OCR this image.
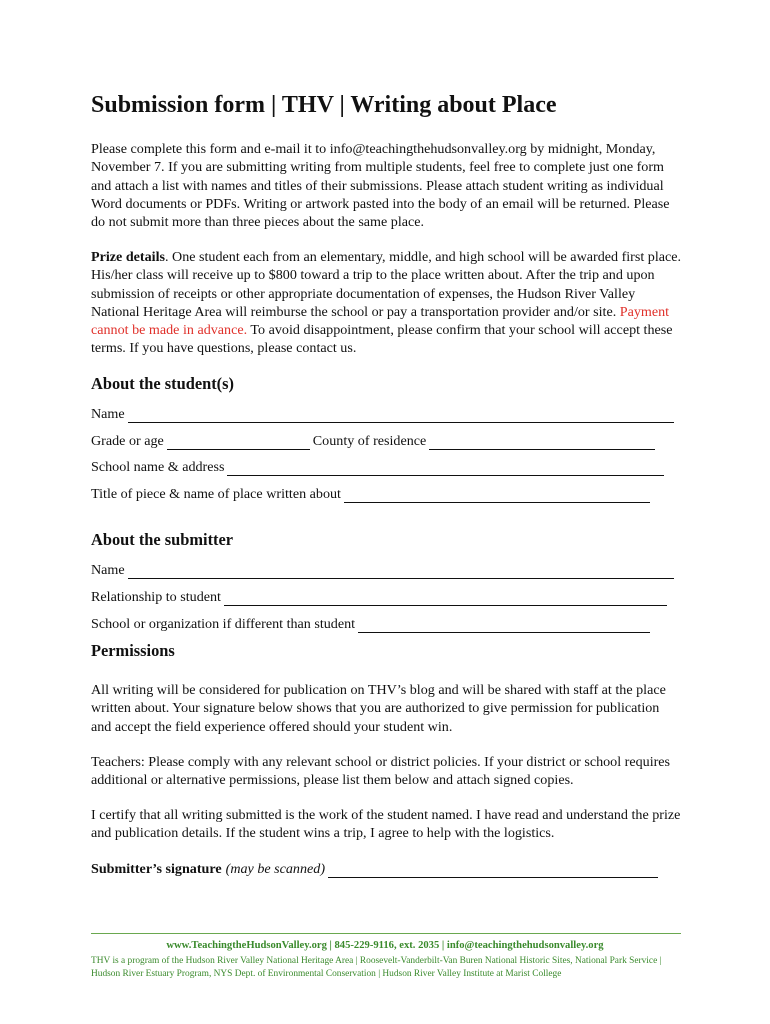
Submission form | THV | Writing about Place

Please complete this form and e-mail it to info@teachingthehudsonvalley.org by midnight, Monday, November 7. If you are submitting writing from multiple students, feel free to complete just one form and attach a list with names and titles of their submissions. Please attach student writing as individual Word documents or PDFs. Writing or artwork pasted into the body of an email will be returned. Please do not submit more than three pieces about the same place.

Prize details. One student each from an elementary, middle, and high school will be awarded first place. His/her class will receive up to $800 toward a trip to the place written about. After the trip and upon submission of receipts or other appropriate documentation of expenses, the Hudson River Valley National Heritage Area will reimburse the school or pay a transportation provider and/or site. Payment cannot be made in advance. To avoid disappointment, please confirm that your school will accept these terms. If you have questions, please contact us.

About the student(s)
Name
Grade or age	County of residence
School name & address
Title of piece & name of place written about
About the submitter
Name
Relationship to student
School or organization if different than student
Permissions

All writing will be considered for publication on THV’s blog and will be shared with staff at the place written about. Your signature below shows that you are authorized to give permission for publication and accept the field experience offered should your student win.

Teachers: Please comply with any relevant school or district policies. If your district or school requires additional or alternative permissions, please list them below and attach signed copies.

I certify that all writing submitted is the work of the student named. I have read and understand the prize and publication details. If the student wins a trip, I agree to help with the logistics.

Submitter’s signature (may be scanned)
www.TeachingtheHudsonValley.org | 845-229-9116, ext. 2035 | info@teachingthehudsonvalley.org
THV is a program of the Hudson River Valley National Heritage Area | Roosevelt-Vanderbilt-Van Buren National Historic Sites, National Park Service | Hudson River Estuary Program, NYS Dept. of Environmental Conservation | Hudson River Valley Institute at Marist College
